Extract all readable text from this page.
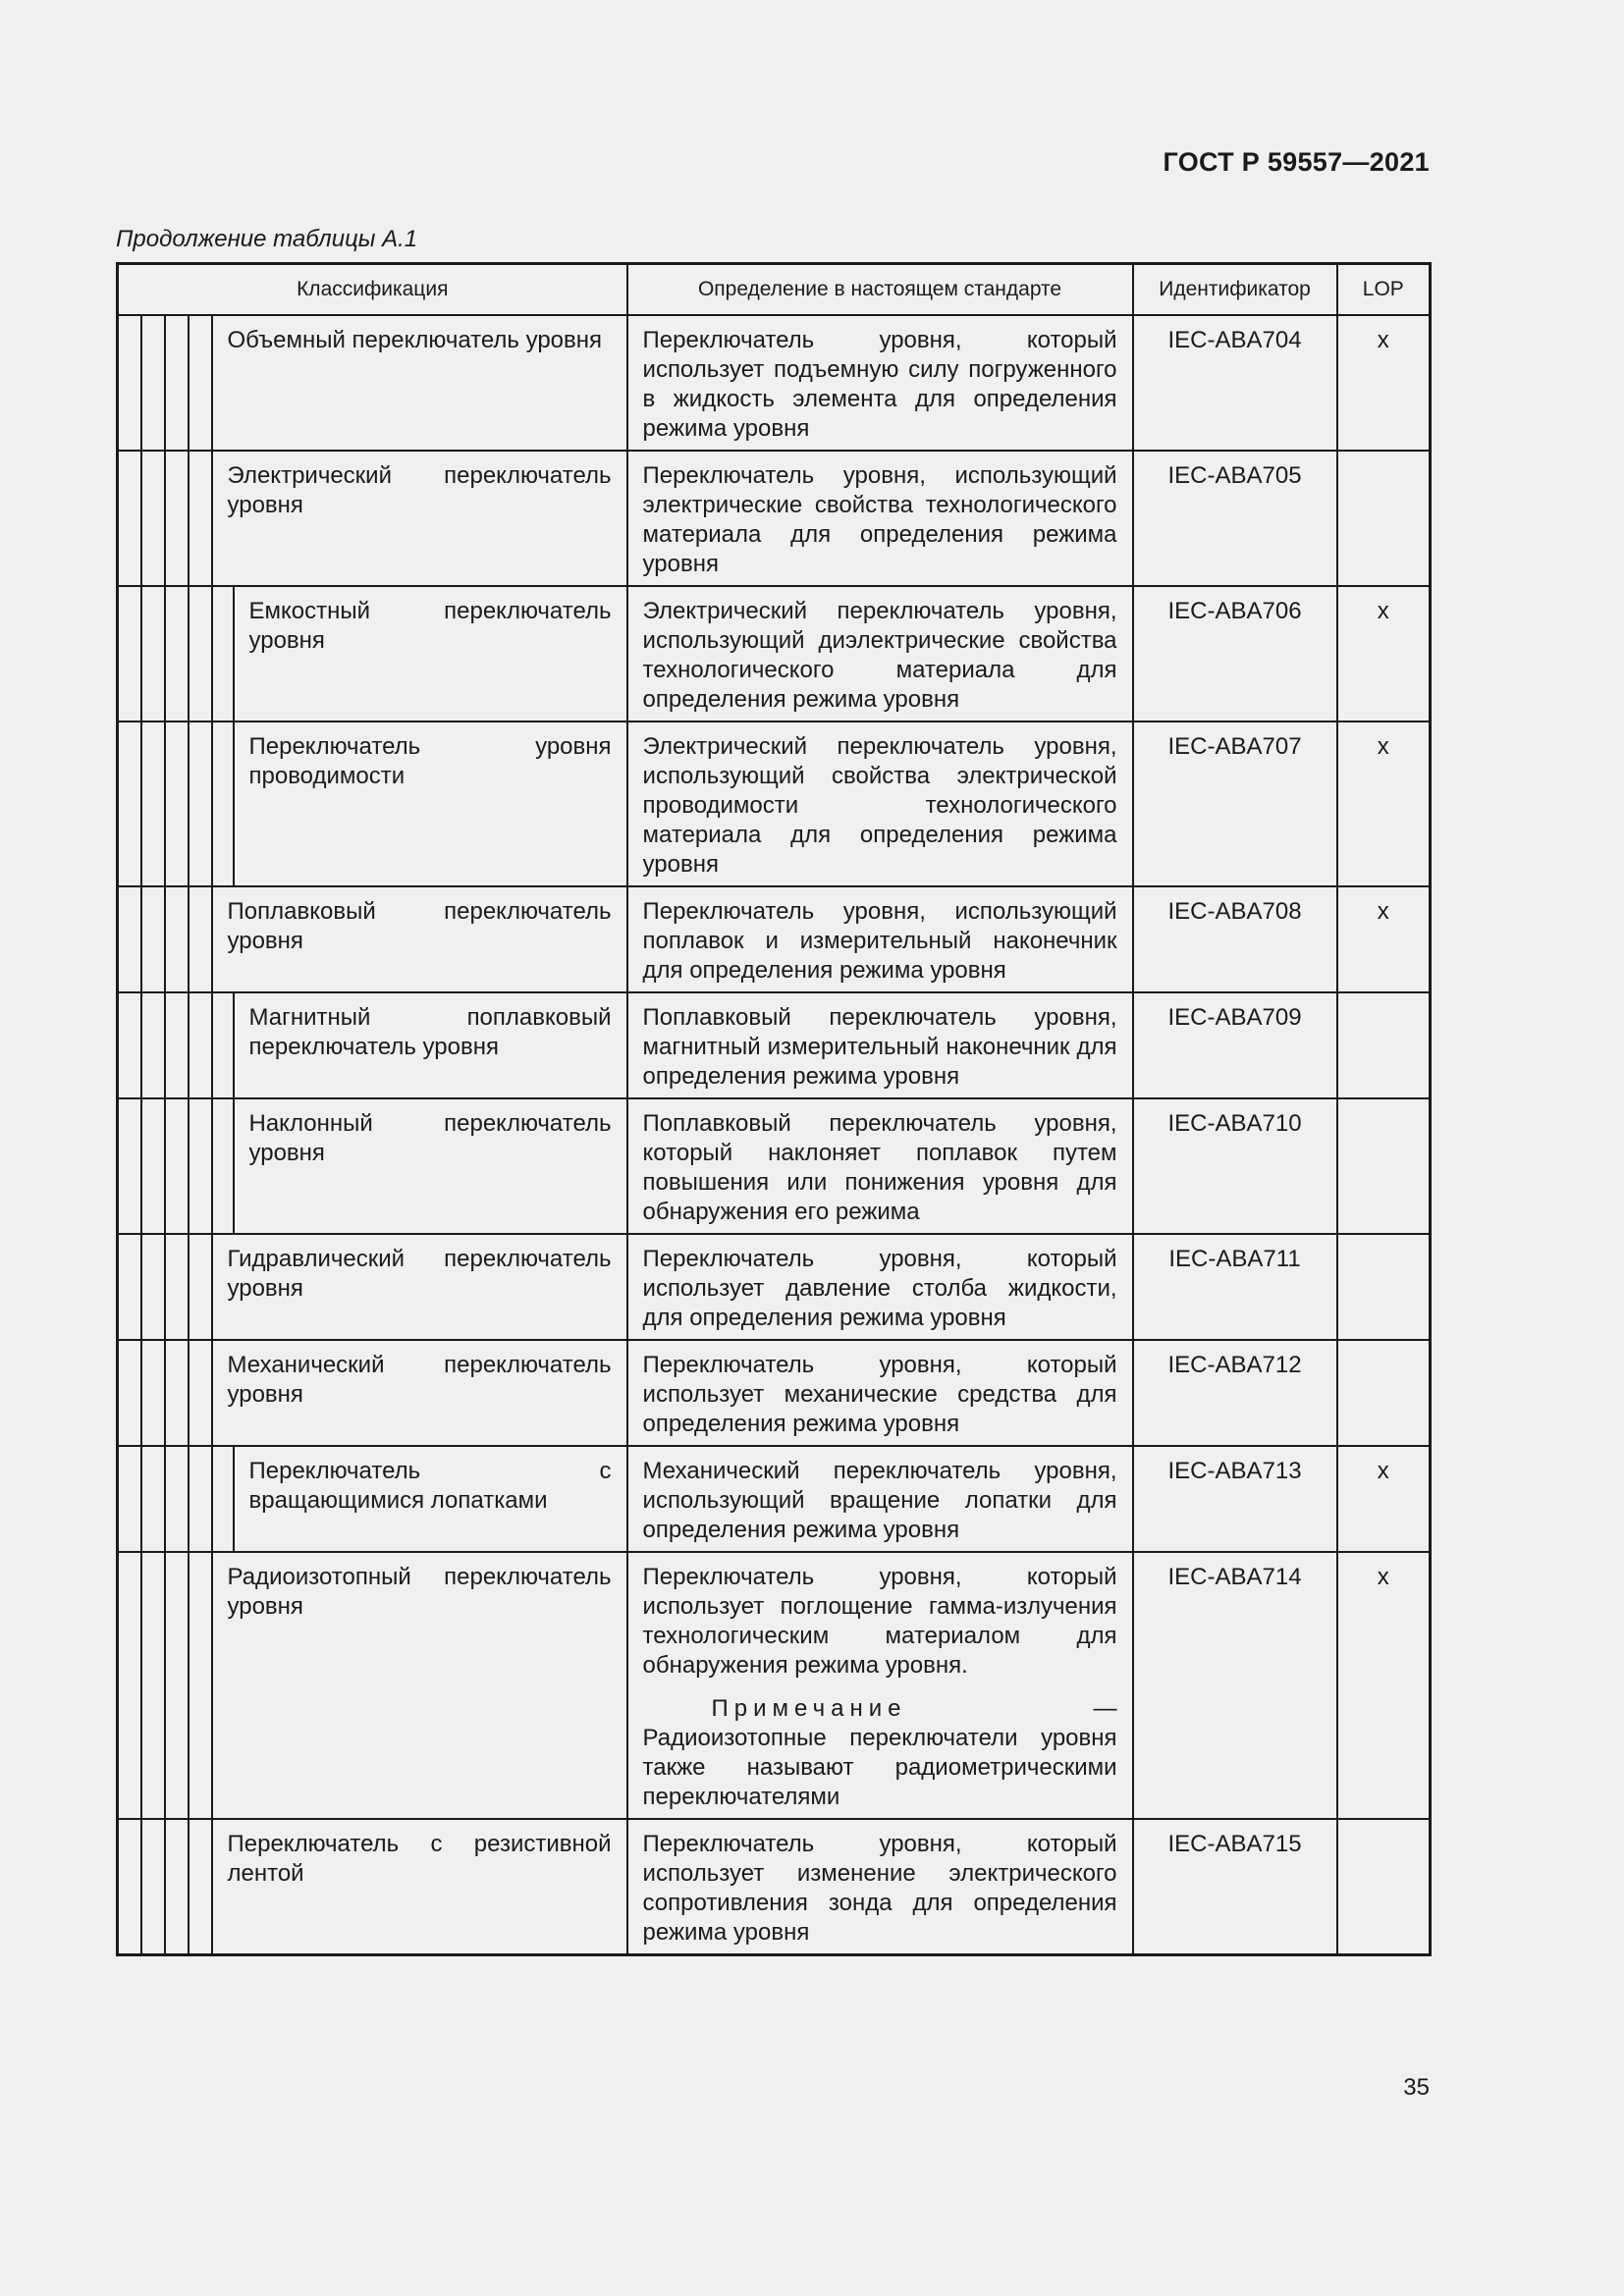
ГОСТ Р 59557—2021
Продолжение таблицы А.1
Классификация						Определение в настоящем стандарте	Идентификатор	LOP

				Объемный переключатель уровня		Переключатель уровня, который использует подъемную силу погруженного в жидкость элемента для определения режима уровня	IEC-ABA704	x

				Электрический переключатель уровня		Переключатель уровня, использующий электрические свойства технологического материала для определения режима уровня	IEC-ABA705	

					Емкостный переключатель уровня	Электрический переключатель уровня, использующий диэлектрические свойства технологического материала для определения режима уровня	IEC-ABA706	x

					Переключатель уровня проводимости	Электрический переключатель уровня, использующий свойства электрической проводимости технологического материала для определения режима уровня	IEC-ABA707	x

				Поплавковый переключатель уровня		Переключатель уровня, использующий поплавок и измерительный наконечник для определения режима уровня	IEC-ABA708	x

					Магнитный поплавковый переключатель уровня	Поплавковый переключатель уровня, магнитный измерительный наконечник для определения режима уровня	IEC-ABA709	

					Наклонный переключатель уровня	Поплавковый переключатель уровня, который наклоняет поплавок путем повышения или понижения уровня для обнаружения его режима	IEC-ABA710	

				Гидравлический переключатель уровня		Переключатель уровня, который использует давление столба жидкости, для определения режима уровня	IEC-ABA711	

				Механический переключатель уровня		Переключатель уровня, который использует механические средства для определения режима уровня	IEC-ABA712	

					Переключатель с вращающимися лопатками	Механический переключатель уровня, использующий вращение лопатки для определения режима уровня	IEC-ABA713	x

				Радиоизотопный переключатель уровня		Переключатель уровня, который использует поглощение гамма-излучения технологическим материалом для обнаружения режима уровня.
Примечание — Радиоизотопные переключатели уровня также называют радиометрическими переключателями	IEC-ABA714	x

				Переключатель с резистивной лентой		Переключатель уровня, который использует изменение электрического сопротивления зонда для определения режима уровня	IEC-ABA715	
35
